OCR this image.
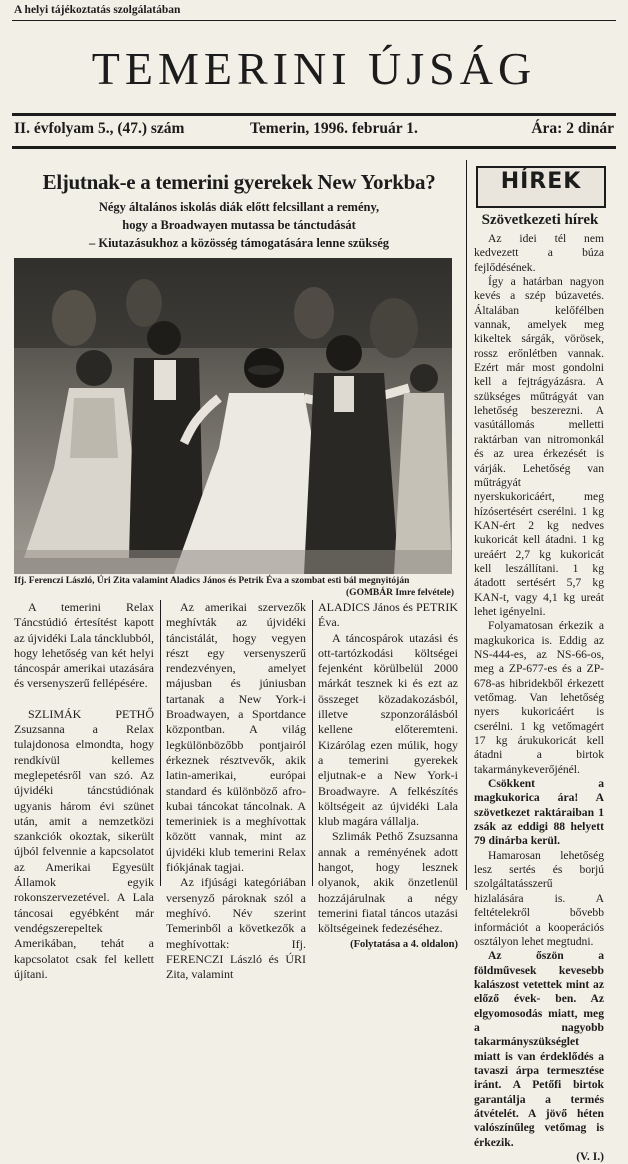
A helyi tájékoztatás szolgálatában
TEMERINI ÚJSÁG
II. évfolyam 5., (47.) szám	Temerin, 1996. február 1.	Ára: 2 dinár
Eljutnak-e a temerini gyerekek New Yorkba?
Négy általános iskolás diák előtt felcsillant a remény,
hogy a Broadwayen mutassa be tánctudását
– Kiutazásukhoz a közösség támogatására lenne szükség
Ifj. Ferenczi László, Úri Zita valamint Aladics János és Petrik Éva a szombat esti bál megnyitóján
(GOMBÁR Imre felvétele)

A temerini Relax Táncstúdió értesítést kapott az újvidéki Lala táncklubból, hogy lehetőség van két helyi táncospár amerikai utazására és versenyszerű fellépésére.

SZLIMÁK PETHŐ Zsuzsanna a Relax tulajdonosa elmondta, hogy rendkívül kellemes meglepetésről van szó. Az újvidéki táncstúdiónak ugyanis három évi szünet után, amit a nemzetközi szankciók okoztak, sikerült újból felvennie a kapcsolatot az Amerikai Egyesült Államok egyik rokonszervezetével. A Lala táncosai egyébként már vendégszerepeltek Amerikában, tehát a kapcsolatot csak fel kellett újítani.

Az amerikai szervezők meghívták az újvidéki táncistálát, hogy vegyen részt egy versenyszerű rendezvényen, amelyet májusban és júniusban tartanak a New York-i Broadwayen, a Sportdance központban. A világ legkülönbözőbb pontjairól érkeznek résztvevők, akik latin-amerikai, európai standard és különböző afro-kubai táncokat táncolnak. A temeriniek is a meghívottak között vannak, mint az újvidéki klub temerini Relax fiókjának tagjai.

Az ifjúsági kategóriában versenyző pároknak szól a meghívó. Név szerint Temerinből a következők a meghívottak: Ifj. FERENCZI László és ÚRI Zita, valamint

ALADICS János és PETRIK Éva.

A táncospárok utazási és ott-tartózkodási költségei fejenként körülbelül 2000 márkát tesznek ki és ezt az összeget közadakozásból, illetve szponzorálásból kellene előteremteni. Kizárólag ezen múlik, hogy a temerini gyerekek eljutnak-e a New York-i Broadwayre. A felkészítés költségeit az újvidéki Lala klub magára vállalja.

Szlimák Pethő Zsuzsanna annak a reményének adott hangot, hogy lesznek olyanok, akik önzetlenül hozzájárulnak a négy temerini fiatal táncos utazási költségeinek fedezéséhez.

(Folytatása a 4. oldalon)

HÍREK
Szövetkezeti hírek

Az idei tél nem kedvezett a búza fejlődésének.

Így a határban nagyon kevés a szép búzavetés. Általában kelőfélben vannak, amelyek meg kikeltek sárgák, vörösek, rossz erőnlétben vannak. Ezért már most gondolni kell a fejtrágyázásra. A szükséges műtrágyát van lehetőség beszerezni. A vasútállomás melletti raktárban van nitromonkál és az urea érkezését is várják. Lehetőség van műtrágyát nyerskukoricáért, meg hízósertésért cserélni. 1 kg KAN-ért 2 kg nedves kukoricát kell átadni. 1 kg ureáért 2,7 kg kukoricát kell leszállítani. 1 kg átadott sertésért 5,7 kg KAN-t, vagy 4,1 kg ureát lehet igényelni.

Folyamatosan érkezik a magkukorica is. Eddig az NS-444-es, az NS-66-os, meg a ZP-677-es és a ZP-678-as hibridekből érkezett vetőmag. Van lehetőség nyers kukoricáért is cserélni. 1 kg vetőmagért 17 kg árukukoricát kell átadni a birtok takarmánykeverőjénél.

Csökkent a magkukorica ára! A szövetkezet raktáraiban 1 zsák az eddigi 88 helyett 79 dinárba kerül.

Hamarosan lehetőség lesz sertés és borjú szolgáltatásszerű hizlalására is. A feltételekről bővebb információt a kooperációs osztályon lehet megtudni.

Az őszön a földművesek kevesebb kalászost vetettek mint az előző évek- ben. Az elgyomosodás miatt, meg a nagyobb takarmányszükséglet miatt is van érdeklődés a tavaszi árpa termesztése iránt. A Petőfi birtok garantálja a termés átvételét. A jövő héten valószínűleg vetőmag is érkezik.

(V. I.)
